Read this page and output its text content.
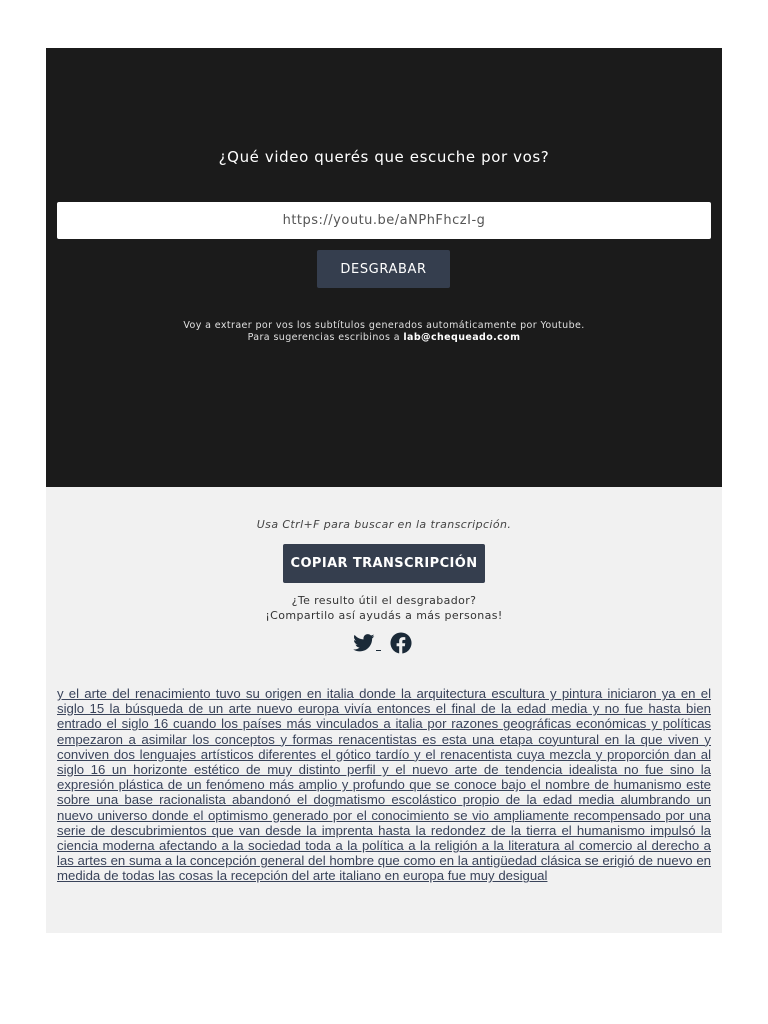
¿Qué video querés que escuche por vos?
https://youtu.be/aNPhFhczI-g
DESGRABAR
Voy a extraer por vos los subtítulos generados automáticamente por Youtube.
Para sugerencias escribinos a lab@chequeado.com
Usa Ctrl+F para buscar en la transcripción.
COPIAR TRANSCRIPCIÓN
¿Te resulto útil el desgrabador?
¡Compartilo así ayudás a más personas!
y el arte del renacimiento tuvo su origen en italia donde la arquitectura escultura y pintura iniciaron ya en el siglo 15 la búsqueda de un arte nuevo europa vivía entonces el final de la edad media y no fue hasta bien entrado el siglo 16 cuando los países más vinculados a italia por razones geográficas económicas y políticas empezaron a asimilar los conceptos y formas renacentistas es esta una etapa coyuntural en la que viven y conviven dos lenguajes artísticos diferentes el gótico tardío y el renacentista cuya mezcla y proporción dan al siglo 16 un horizonte estético de muy distinto perfil y el nuevo arte de tendencia idealista no fue sino la expresión plástica de un fenómeno más amplio y profundo que se conoce bajo el nombre de humanismo este sobre una base racionalista abandonó el dogmatismo escolástico propio de la edad media alumbrando un nuevo universo donde el optimismo generado por el conocimiento se vio ampliamente recompensado por una serie de descubrimientos que van desde la imprenta hasta la redondez de la tierra el humanismo impulsó la ciencia moderna afectando a la sociedad toda a la política a la religión a la literatura al comercio al derecho a las artes en suma a la concepción general del hombre que como en la antigüedad clásica se erigió de nuevo en medida de todas las cosas la recepción del arte italiano en europa fue muy desigual
